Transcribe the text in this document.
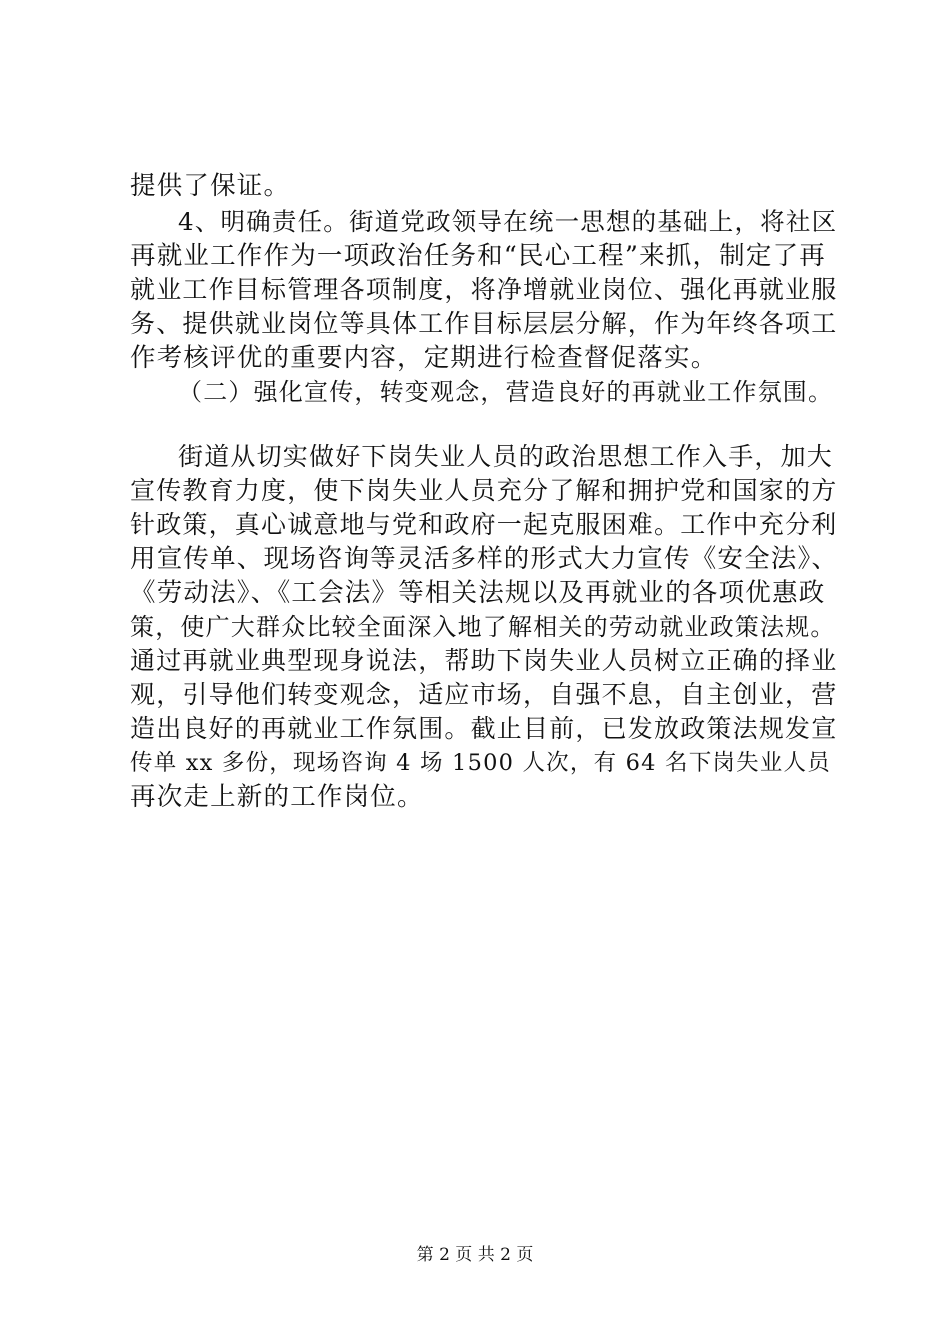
提供了保证。
4、明确责任。街道党政领导在统一思想的基础上，将社区
再就业工作作为一项政治任务和“民心工程”来抓，制定了再
就业工作目标管理各项制度，将净增就业岗位、强化再就业服
务、提供就业岗位等具体工作目标层层分解，作为年终各项工
作考核评优的重要内容，定期进行检查督促落实。
（二）强化宣传，转变观念，营造良好的再就业工作氛围。
街道从切实做好下岗失业人员的政治思想工作入手，加大
宣传教育力度，使下岗失业人员充分了解和拥护党和国家的方
针政策，真心诚意地与党和政府一起克服困难。工作中充分利
用宣传单、现场咨询等灵活多样的形式大力宣传《安全法》、
《劳动法》、《工会法》等相关法规以及再就业的各项优惠政
策，使广大群众比较全面深入地了解相关的劳动就业政策法规。
通过再就业典型现身说法，帮助下岗失业人员树立正确的择业
观，引导他们转变观念，适应市场，自强不息，自主创业，营
造出良好的再就业工作氛围。截止目前，已发放政策法规发宣
传单 xx 多份，现场咨询 4 场 1500 人次，有 64 名下岗失业人员
再次走上新的工作岗位。
第 2 页 共 2 页
